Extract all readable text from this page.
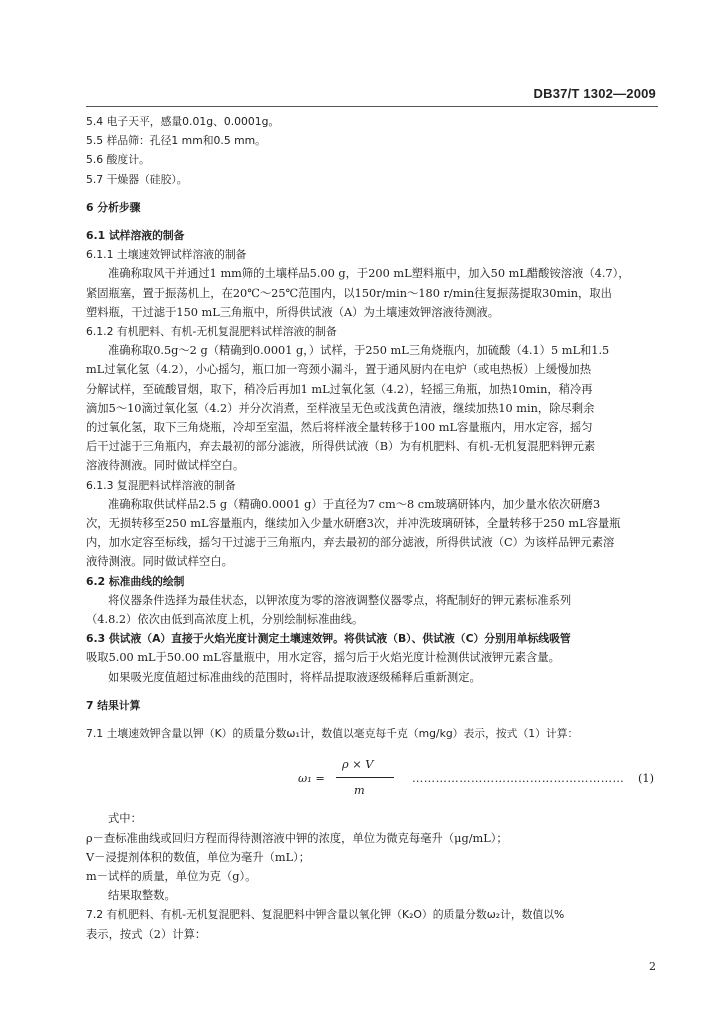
DB37/T 1302—2009
5.4 电子天平，感量0.01g、0.0001g。
5.5 样品筛：孔径1 mm和0.5 mm。
5.6 酸度计。
5.7 干燥器（硅胶）。
6 分析步骤
6.1 试样溶液的制备
6.1.1 土壤速效钾试样溶液的制备
准确称取风干并通过1 mm筛的土壤样品5.00 g，于200 mL塑料瓶中，加入50 mL醋酸铵溶液（4.7），
紧固瓶塞，置于振荡机上，在20℃～25℃范围内，以150r/min～180 r/min往复振荡提取30min，取出
塑料瓶，干过滤于150 mL三角瓶中，所得供试液（A）为土壤速效钾溶液待测液。
6.1.2 有机肥料、有机-无机复混肥料试样溶液的制备
准确称取0.5g～2 g（精确到0.0001 g，）试样，于250 mL三角烧瓶内，加硫酸（4.1）5 mL和1.5
mL过氧化氢（4.2），小心摇匀，瓶口加一弯颈小漏斗，置于通风厨内在电炉（或电热板）上缓慢加热
分解试样，至硫酸冒烟，取下，稍冷后再加1 mL过氧化氢（4.2），轻摇三角瓶，加热10min，稍冷再
滴加5～10滴过氧化氢（4.2）并分次消煮，至样液呈无色或浅黄色清液，继续加热10 min，除尽剩余
的过氧化氢，取下三角烧瓶，冷却至室温，然后将样液全量转移于100 mL容量瓶内，用水定容，摇匀
后干过滤于三角瓶内，弃去最初的部分滤液，所得供试液（B）为有机肥料、有机-无机复混肥料钾元素
溶液待测液。同时做试样空白。
6.1.3 复混肥料试样溶液的制备
准确称取供试样品2.5 g（精确0.0001 g）于直径为7 cm～8 cm玻璃研钵内，加少量水依次研磨3
次，无损转移至250 mL容量瓶内，继续加入少量水研磨3次，并冲洗玻璃研钵，全量转移于250 mL容量瓶
内，加水定容至标线，摇匀干过滤于三角瓶内，弃去最初的部分滤液，所得供试液（C）为该样品钾元素溶
液待测液。同时做试样空白。
6.2 标准曲线的绘制
将仪器条件选择为最佳状态，以钾浓度为零的溶液调整仪器零点，将配制好的钾元素标准系列
（4.8.2）依次由低到高浓度上机，分别绘制标准曲线。
6.3 供试液（A）直接于火焰光度计测定土壤速效钾。将供试液（B）、供试液（C）分别用单标线吸管
吸取5.00 mL于50.00 mL容量瓶中，用水定容，摇匀后于火焰光度计检测供试液钾元素含量。
如果吸光度值超过标准曲线的范围时，将样品提取液逐级稀释后重新测定。
7 结果计算
7.1 土壤速效钾含量以钾（K）的质量分数ω₁计，数值以毫克每千克（mg/kg）表示，按式（1）计算：
ω₁ =
ρ × V
m
……………………………………………… (1)
式中：
ρ－查标准曲线或回归方程而得待测溶液中钾的浓度，单位为微克每毫升（μg/mL）；
V－浸提剂体积的数值，单位为毫升（mL）；
m－试样的质量，单位为克（g）。
结果取整数。
7.2 有机肥料、有机-无机复混肥料、复混肥料中钾含量以氧化钾（K₂O）的质量分数ω₂计，数值以%
表示，按式（2）计算：
2
